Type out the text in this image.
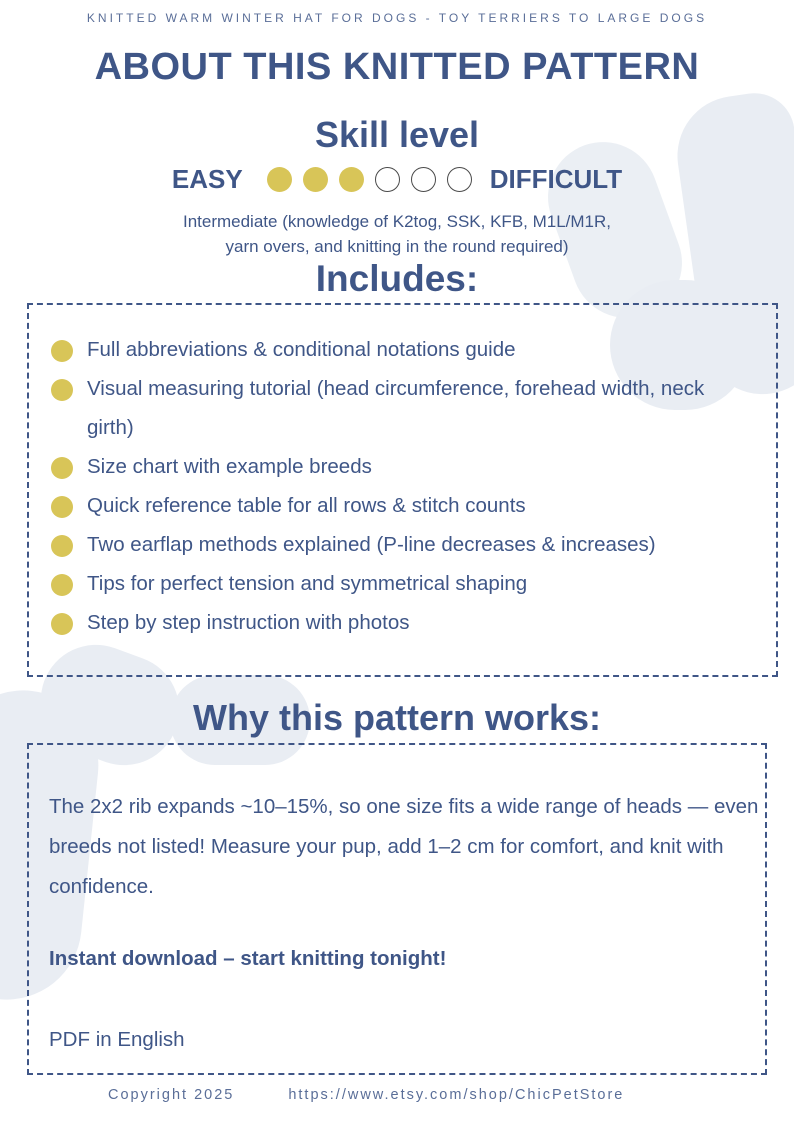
KNITTED WARM WINTER HAT FOR DOGS - TOY TERRIERS TO LARGE DOGS
ABOUT THIS KNITTED PATTERN
Skill level
EASY	DIFFICULT
Intermediate (knowledge of K2tog, SSK, KFB, M1L/M1R,
yarn overs, and knitting in the round required)
Includes:
Full abbreviations & conditional notations guide
Visual measuring tutorial (head circumference, forehead width, neck girth)
Size chart with example breeds
Quick reference table for all rows & stitch counts
Two earflap methods explained (P-line decreases & increases)
Tips for perfect tension and symmetrical shaping
Step by step instruction with photos
Why this pattern works:

The 2x2 rib expands ~10–15%, so one size fits a wide range of heads — even breeds not listed! Measure your pup, add 1–2 cm for comfort, and knit with confidence.

Instant download – start knitting tonight!
PDF in English
Copyright 2025	https://www.etsy.com/shop/ChicPetStore
